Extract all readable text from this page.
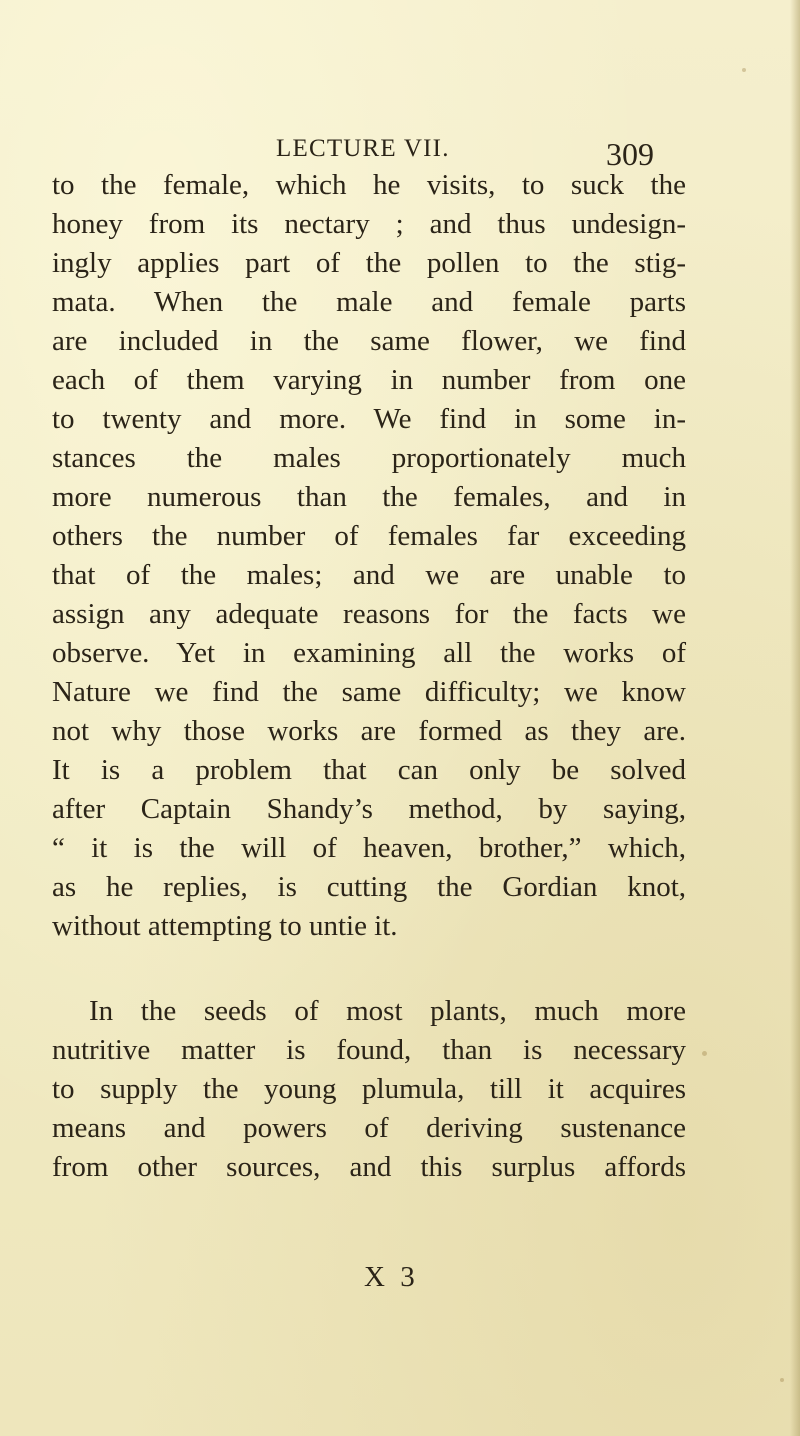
LECTURE VII.	309
to the female, which he visits, to suck the
honey from its nectary ; and thus undesign-
ingly applies part of the pollen to the stig-
mata. When the male and female parts
are included in the same flower, we find
each of them varying in number from one
to twenty and more. We find in some in-
stances the males proportionately much
more numerous than the females, and in
others the number of females far exceeding
that of the males; and we are unable to
assign any adequate reasons for the facts we
observe. Yet in examining all the works of
Nature we find the same difficulty; we know
not why those works are formed as they are.
It is a problem that can only be solved
after Captain Shandy’s method, by saying,
“ it is the will of heaven, brother,” which,
as he replies, is cutting the Gordian knot,
without attempting to untie it.
In the seeds of most plants, much more
nutritive matter is found, than is necessary
to supply the young plumula, till it acquires
means and powers of deriving sustenance
from other sources, and this surplus affords
X 3
